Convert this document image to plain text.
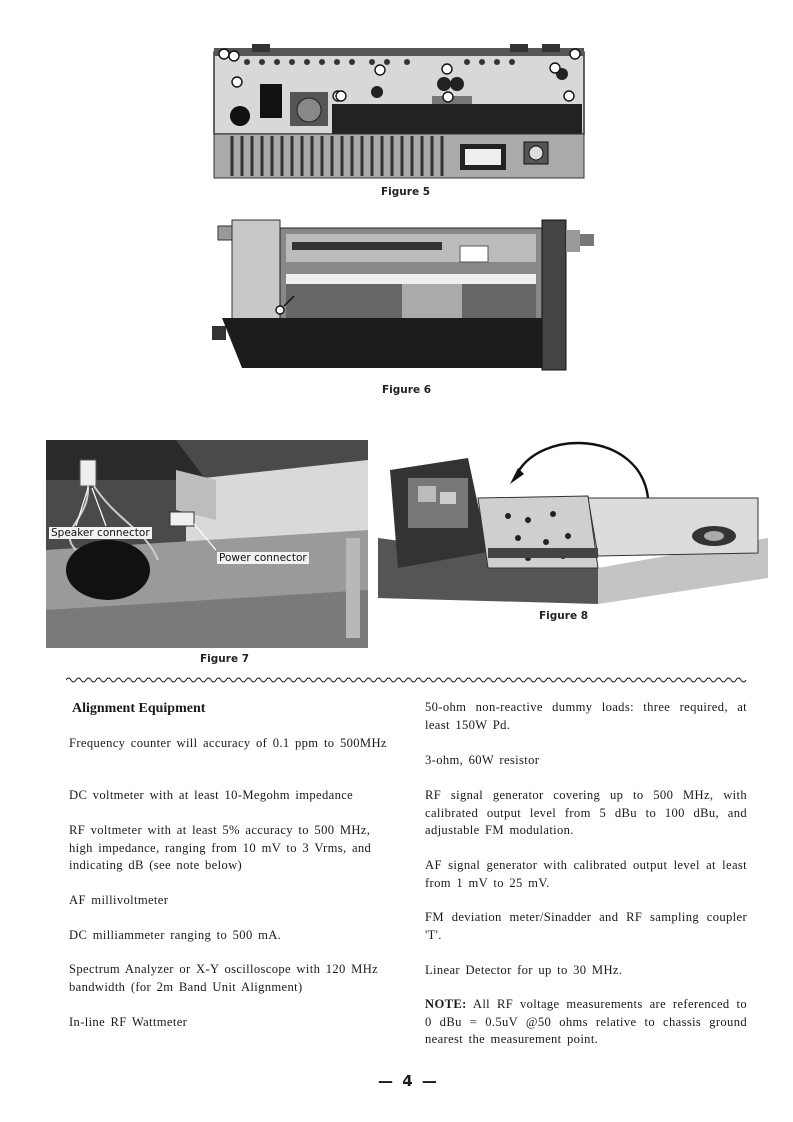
Figure 5
Figure 6
Speaker connector
Power connector
Figure 7
Figure 8
Alignment Equipment
Frequency counter will accuracy of 0.1 ppm to 500MHz
DC voltmeter with at least 10-Megohm impedance
RF voltmeter with at least 5% accuracy to 500 MHz, high impedance, ranging from 10 mV to 3 Vrms, and indicating dB (see note below)
AF millivoltmeter
DC milliammeter ranging to 500 mA.
Spectrum Analyzer or X-Y oscilloscope with 120 MHz bandwidth (for 2m Band Unit Alignment)
In-line RF Wattmeter
50-ohm non-reactive dummy loads: three required, at least 150W Pd.
3-ohm, 60W resistor
RF signal generator covering up to 500 MHz, with calibrated output level from 5 dBu to 100 dBu, and adjustable FM modulation.
AF signal generator with calibrated output level at least from 1 mV to 25 mV.
FM deviation meter/Sinadder and RF sampling coupler 'T'.
Linear Detector for up to 30 MHz.
NOTE: All RF voltage measurements are referenced to 0 dBu = 0.5uV @50 ohms relative to chassis ground nearest the measurement point.
— 4 —
